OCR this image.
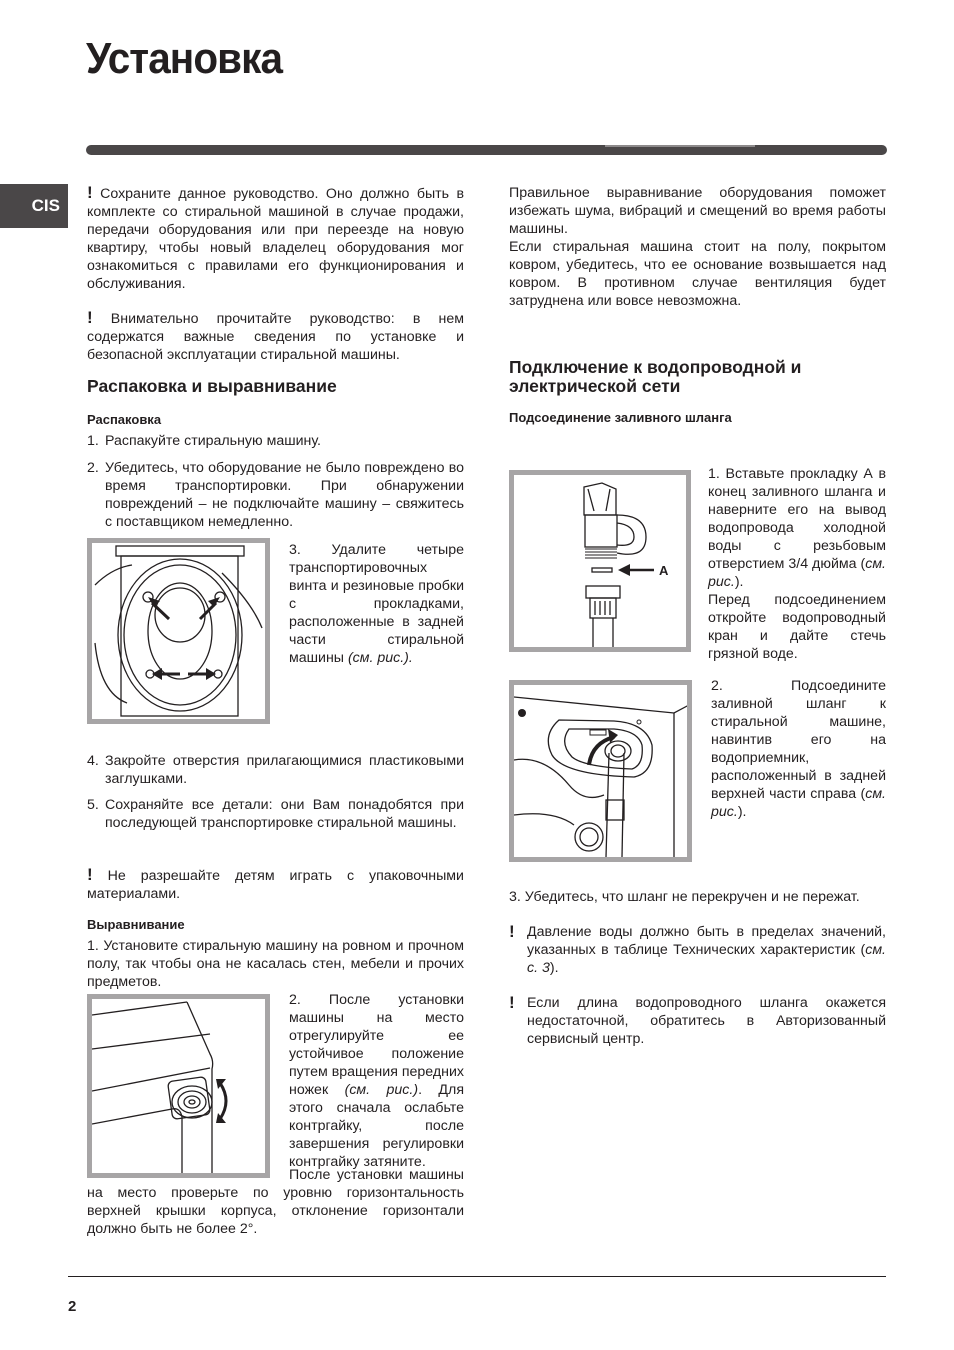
Установка
CIS

! Сохраните данное руководство. Оно должно быть в комплекте со стиральной машиной в случае продажи, передачи оборудования или при переезде на новую квартиру, чтобы новый владелец оборудования мог ознакомиться с правилами его функционирования и обслуживания.

! Внимательно прочитайте руководство: в нем содержатся важные сведения по установке и безопасной эксплуатации стиральной машины.

Распаковка и выравнивание
Распаковка
1. Распакуйте стиральную машину.
2. Убедитесь, что оборудование не было повреждено во время транспортировки. При обнаружении повреждений – не подключайте машину – свяжитесь с поставщиком немедленно.
3. Удалите четыре транспортировочных винта и резиновые пробки с прокладками, расположенные в задней части стиральной машины (см. рис.).
4. Закройте отверстия прилагающимися пластиковыми заглушками.
5. Сохраняйте все детали: они Вам понадобятся при последующей транспортировке стиральной машины.

! Не разрешайте детям играть с упаковочными материалами.

Выравнивание
1. Установите стиральную машину на ровном и прочном полу, так чтобы она не касалась стен, мебели и прочих предметов.
2. После установки машины на место отрегулируйте ее устойчивое положение путем вращения передних ножек (см. рис.). Для этого сначала ослабьте контргайку, после завершения регулировки контргайку затяните.
После установки машины на место проверьте по уровню горизонтальность верхней крышки корпуса, отклонение горизонтали должно быть не более 2°.
Правильное выравнивание оборудования поможет избежать шума, вибраций и смещений во время работы машины.
Если стиральная машина стоит на полу, покрытом ковром, убедитесь, что ее основание возвышается над ковром. В противном случае вентиляция будет затруднена или вовсе невозможна.
Подключение к водопроводной и электрической сети
Подсоединение заливного шланга
A
1. Вставьте прокладку А в конец заливного шланга и наверните его на вывод водопровода холодной воды с резьбовым отверстием 3/4 дюйма (см. рис.).
Перед подсоединением откройте водопроводный кран и дайте стечь грязной воде.
2. Подсоедините заливной шланг к стиральной машине, навинтив его на водоприемник, расположенный в задней верхней части справа (см. рис.).
3. Убедитесь, что шланг не перекручен и не пережат.
! Давление воды должно быть в пределах значений, указанных в таблице Технических характеристик (см. с. 3).
! Если длина водопроводного шланга окажется недостаточной, обратитесь в Авторизованный сервисный центр.
2
